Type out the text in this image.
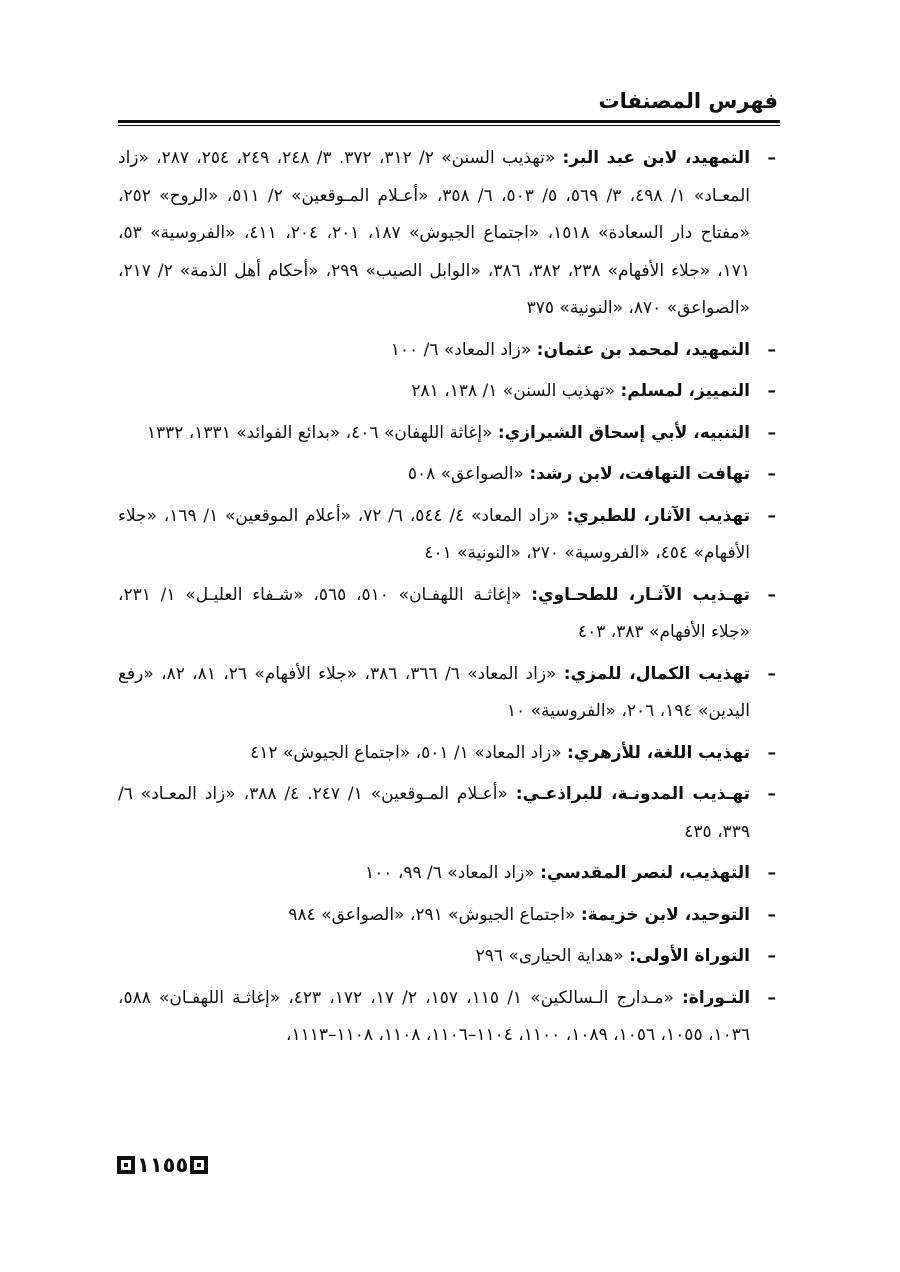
فهرس المصنفات
–
التمهيد، لابن عبد البر: «تهذيب السنن» ٢/ ٣١٢، ٣٧٢. ٣/ ٢٤٨، ٢٤٩، ٢٥٤، ٢٨٧، «زاد المعـاد» ١/ ٤٩٨، ٣/ ٥٦٩، ٥/ ٥٠٣، ٦/ ٣٥٨، «أعـلام المـوقعين» ٢/ ٥١١، «الروح» ٢٥٢، «مفتاح دار السعادة» ١٥١٨، «اجتماع الجيوش» ١٨٧، ٢٠١، ٢٠٤، ٤١١، «الفروسية» ٥٣، ١٧١، «جلاء الأفهام» ٢٣٨، ٣٨٢، ٣٨٦، «الوابل الصيب» ٢٩٩، «أحكام أهل الذمة» ٢/ ٢١٧، «الصواعق» ٨٧٠، «النونية» ٣٧٥
–
التمهيد، لمحمد بن عثمان: «زاد المعاد» ٦/ ١٠٠
–
التمييز، لمسلم: «تهذيب السنن» ١/ ١٣٨، ٢٨١
–
التنبيه، لأبي إسحاق الشيرازي: «إغاثة اللهفان» ٤٠٦، «بدائع الفوائد» ١٣٣١، ١٣٣٢
–
تهافت التهافت، لابن رشد: «الصواعق» ٥٠٨
–
تهذيب الآثار، للطبري: «زاد المعاد» ٤/ ٥٤٤، ٦/ ٧٢، «أعلام الموقعين» ١/ ١٦٩، «جلاء الأفهام» ٤٥٤، «الفروسية» ٢٧٠، «النونية» ٤٠١
–
تهـذيب الآثـار، للطحـاوي: «إغاثـة اللهفـان» ٥١٠، ٥٦٥، «شـفاء العليـل» ١/ ٢٣١، «جلاء الأفهام» ٣٨٣، ٤٠٣
–
تهذيب الكمال، للمزي: «زاد المعاد» ٦/ ٣٦٦، ٣٨٦، «جلاء الأفهام» ٢٦، ٨١، ٨٢، «رفع اليدين» ١٩٤، ٢٠٦، «الفروسية» ١٠
–
تهذيب اللغة، للأزهري: «زاد المعاد» ١/ ٥٠١، «اجتماع الجيوش» ٤١٢
–
تهـذيب المدونـة، للبراذعـي: «أعـلام المـوقعين» ١/ ٢٤٧. ٤/ ٣٨٨، «زاد المعـاد» ٦/ ٣٣٩، ٤٣٥
–
التهذيب، لنصر المقدسي: «زاد المعاد» ٦/ ٩٩، ١٠٠
–
التوحيد، لابن خزيمة: «اجتماع الجيوش» ٢٩١، «الصواعق» ٩٨٤
–
التوراة الأولى: «هداية الحيارى» ٢٩٦
–
التـوراة: «مـدارج الـسالكين» ١/ ١١٥، ١٥٧، ٢/ ١٧، ١٧٢، ٤٢٣، «إغاثـة اللهفـان» ٥٨٨، ١٠٣٦، ١٠٥٥، ١٠٥٦، ١٠٨٩، ١١٠٠، ١١٠٤–١١٠٦، ١١٠٨، ١١٠٨–١١١٣،
١١٥٥
